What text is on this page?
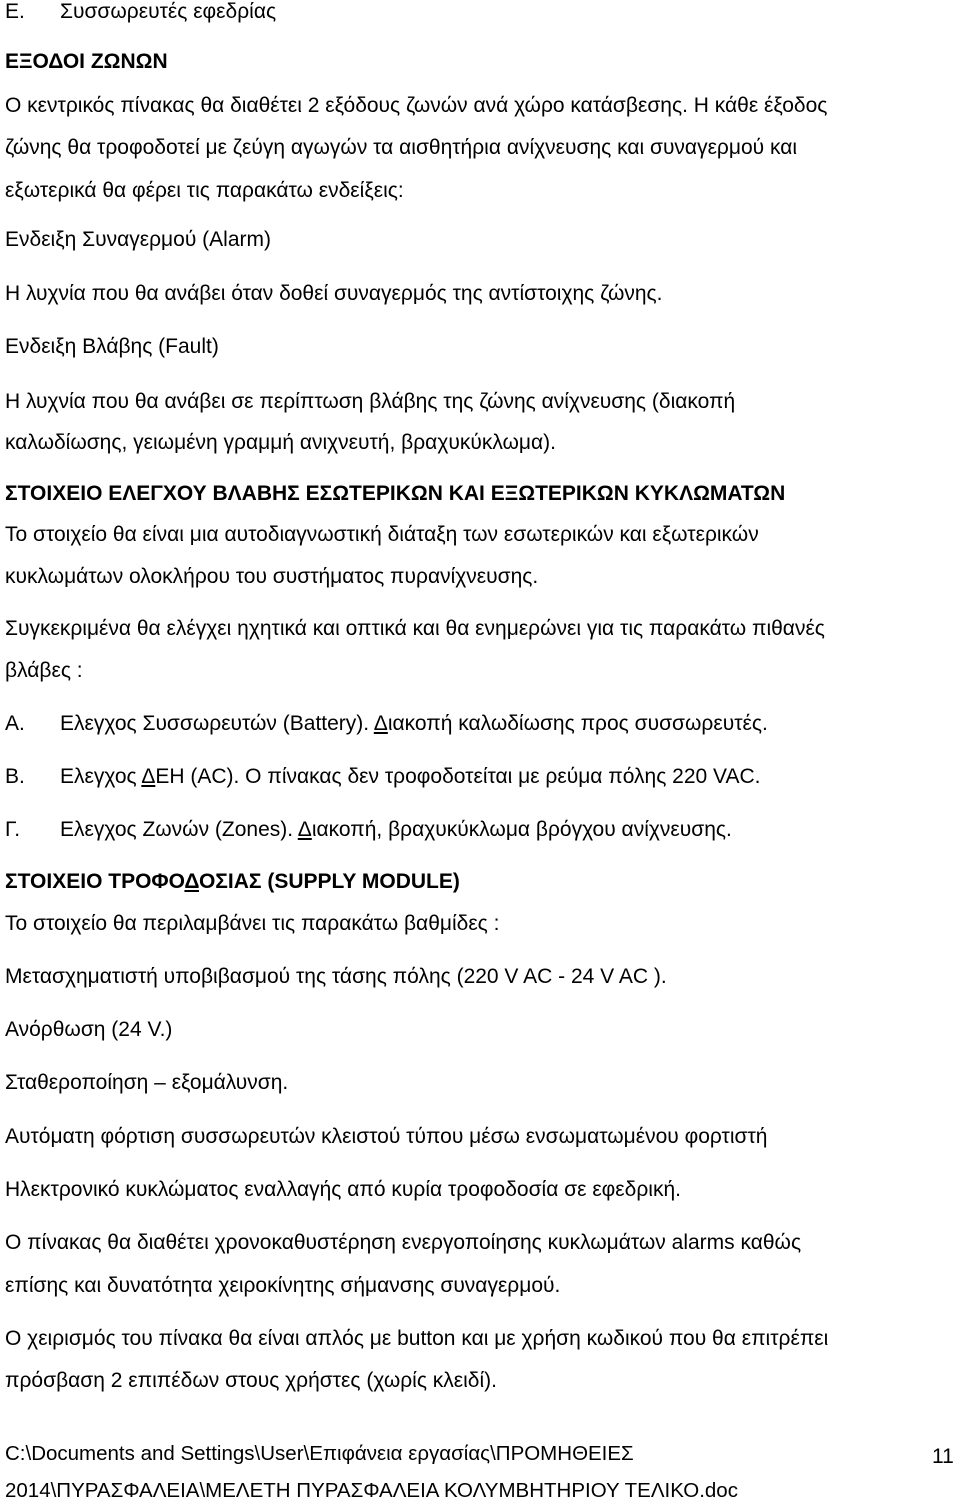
Ε. Συσσωρευτές εφεδρίας
ΕΞΟΔΟΙ ΖΩΝΩΝ
Ο κεντρικός πίνακας θα διαθέτει 2 εξόδους ζωνών ανά χώρο κατάσβεσης. Η κάθε έξοδος
ζώνης θα τροφοδοτεί με ζεύγη αγωγών τα αισθητήρια ανίχνευσης και συναγερμού και
εξωτερικά θα φέρει τις παρακάτω ενδείξεις:
Ενδειξη Συναγερμού (Alarm)
Η λυχνία που θα ανάβει όταν δοθεί συναγερμός της αντίστοιχης ζώνης.
Ενδειξη Βλάβης (Fault)
Η λυχνία που θα ανάβει σε περίπτωση βλάβης της ζώνης ανίχνευσης (διακοπή
καλωδίωσης, γειωμένη γραμμή ανιχνευτή, βραχυκύκλωμα).
ΣΤΟΙΧΕΙΟ ΕΛΕΓΧΟΥ ΒΛΑΒΗΣ ΕΣΩΤΕΡΙΚΩΝ ΚΑΙ ΕΞΩΤΕΡΙΚΩΝ ΚΥΚΛΩΜΑΤΩΝ
Το στοιχείο θα είναι μια αυτοδιαγνωστική διάταξη των εσωτερικών και εξωτερικών
κυκλωμάτων ολοκλήρου του συστήματος πυρανίχνευσης.
Συγκεκριμένα θα ελέγχει ηχητικά και οπτικά και θα ενημερώνει για τις παρακάτω πιθανές
βλάβες :
Α. Ελεγχος Συσσωρευτών (Battery). Διακοπή καλωδίωσης προς συσσωρευτές.
Β. Ελεγχος ΔΕΗ (AC). Ο πίνακας δεν τροφοδοτείται με ρεύμα πόλης 220 VAC.
Γ. Ελεγχος Ζωνών (Zones). Διακοπή, βραχυκύκλωμα βρόγχου ανίχνευσης.
ΣΤΟΙΧΕΙΟ ΤΡΟΦΟΔΟΣΙΑΣ (SUPPLY MODULE)
Το στοιχείο θα περιλαμβάνει τις παρακάτω βαθμίδες :
Μετασχηματιστή υποβιβασμού της τάσης πόλης (220 V AC - 24 V AC ).
Ανόρθωση (24 V.)
Σταθεροποίηση – εξομάλυνση.
Αυτόματη φόρτιση συσσωρευτών κλειστού τύπου μέσω ενσωματωμένου φορτιστή
Ηλεκτρονικό κυκλώματος εναλλαγής από κυρία τροφοδοσία σε εφεδρική.
Ο πίνακας θα διαθέτει χρονοκαθυστέρηση ενεργοποίησης κυκλωμάτων alarms καθώς
επίσης και δυνατότητα χειροκίνητης σήμανσης συναγερμού.
Ο χειρισμός του πίνακα θα είναι απλός με button και με χρήση κωδικού που θα επιτρέπει
πρόσβαση 2 επιπέδων στους χρήστες (χωρίς κλειδί).
C:\Documents and Settings\User\Επιφάνεια εργασίας\ΠΡΟΜΗΘΕΙΕΣ
2014\ΠΥΡΑΣΦΑΛΕΙΑ\ΜΕΛΕΤΗ ΠΥΡΑΣΦΑΛΕΙΑ ΚΟΛΥΜΒΗΤΗΡΙΟΥ ΤΕΛΙΚΟ.doc
11
